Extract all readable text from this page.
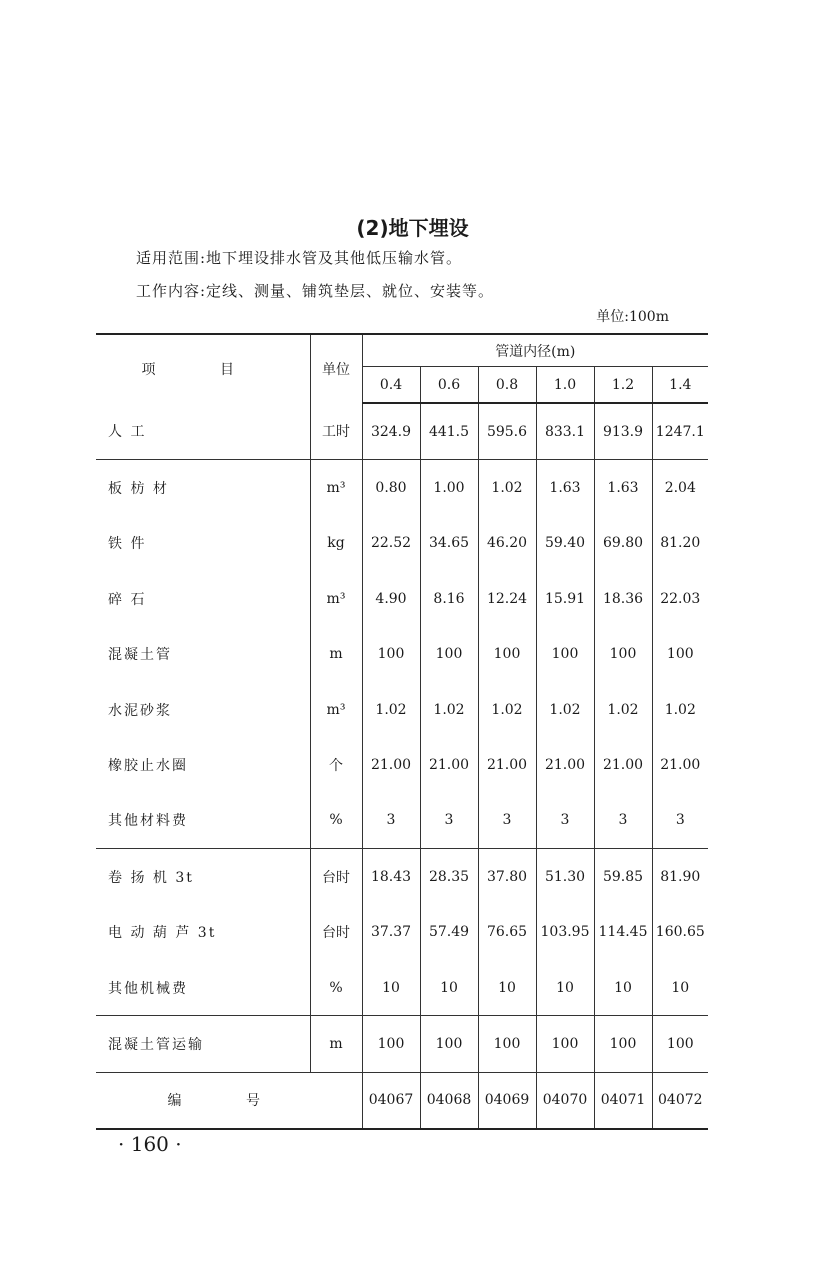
(2)地下埋设
适用范围:地下埋设排水管及其他低压输水管。
工作内容:定线、测量、铺筑垫层、就位、安装等。
单位:100m
项 目	单位	管道内径(m)					
		0.4	0.6	0.8	1.0	1.2	1.4
人 工	工时	324.9	441.5	595.6	833.1	913.9	1247.1
板 枋 材	m³	0.80	1.00	1.02	1.63	1.63	2.04
铁 件	kg	22.52	34.65	46.20	59.40	69.80	81.20
碎 石	m³	4.90	8.16	12.24	15.91	18.36	22.03
混凝土管	m	100	100	100	100	100	100
水泥砂浆	m³	1.02	1.02	1.02	1.02	1.02	1.02
橡胶止水圈	个	21.00	21.00	21.00	21.00	21.00	21.00
其他材料费	%	3	3	3	3	3	3
卷 扬 机 3t	台时	18.43	28.35	37.80	51.30	59.85	81.90
电 动 葫 芦 3t	台时	37.37	57.49	76.65	103.95	114.45	160.65
其他机械费	%	10	10	10	10	10	10
混凝土管运输	m	100	100	100	100	100	100
编 号		04067	04068	04069	04070	04071	04072
· 160 ·
